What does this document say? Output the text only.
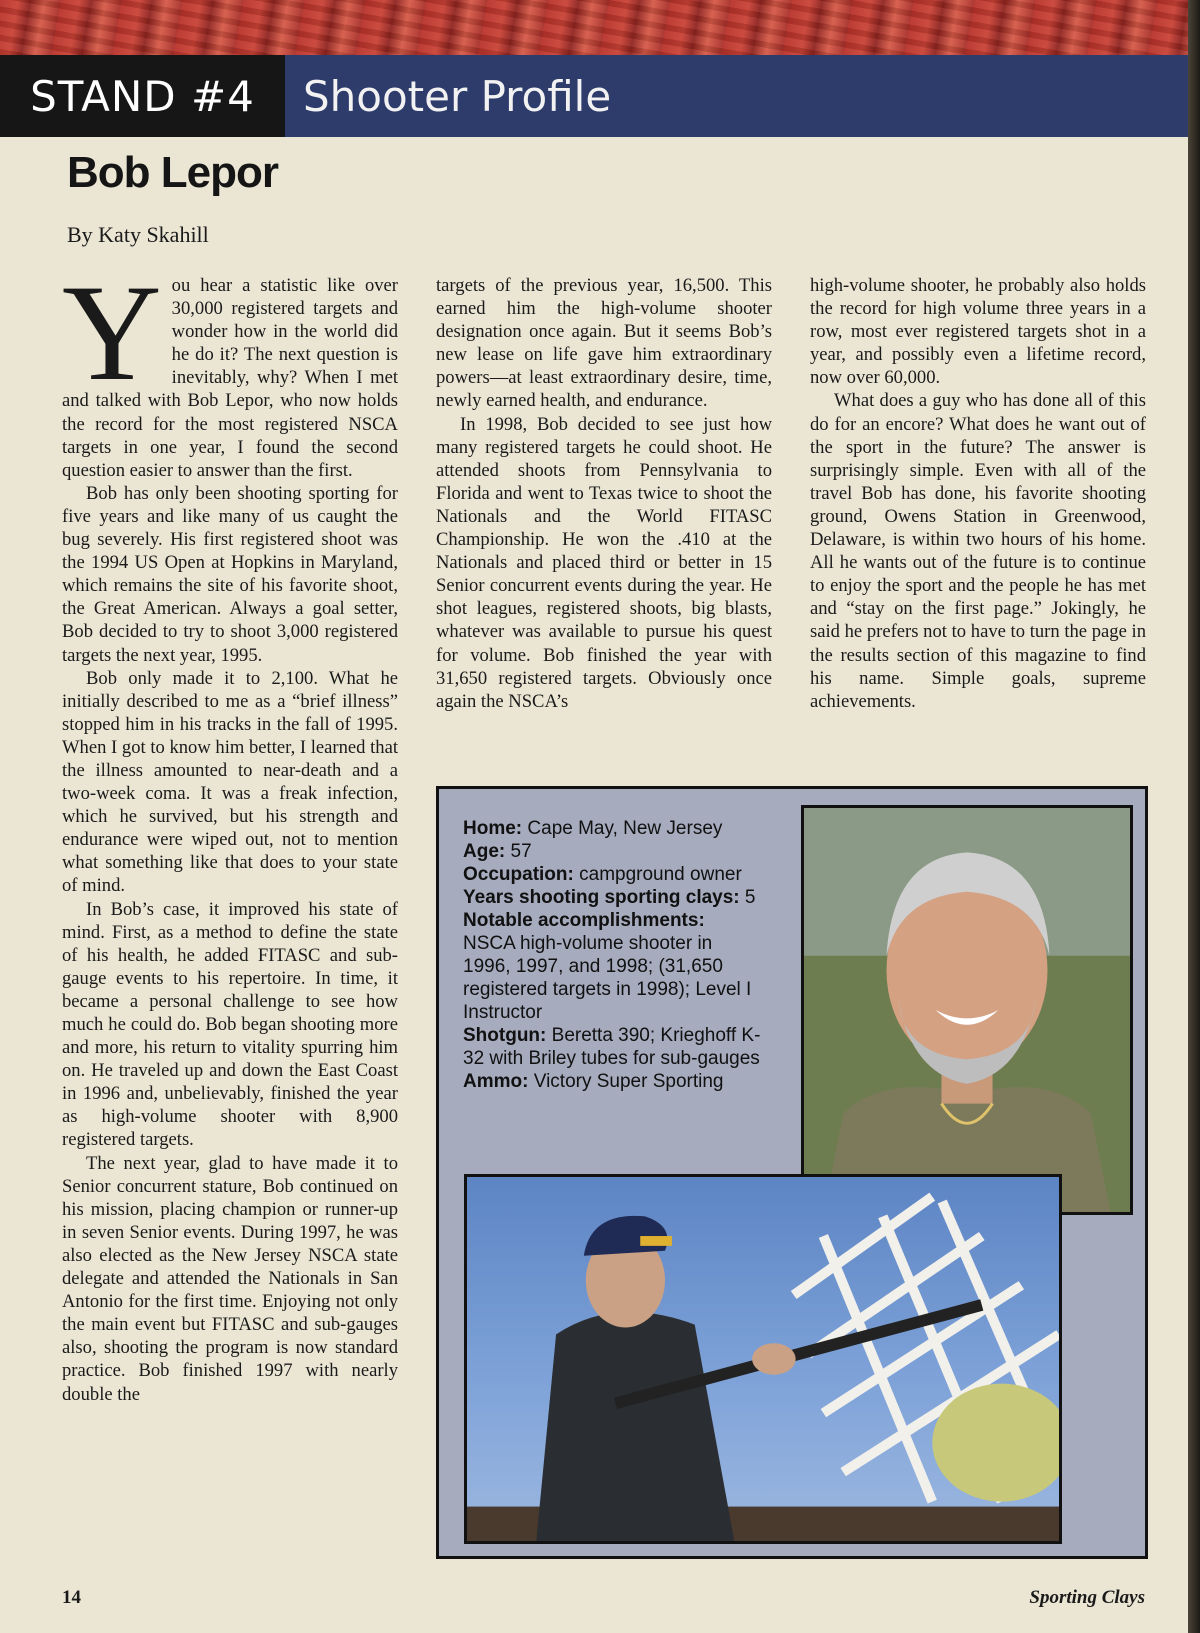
STAND #4	Shooter Profile
Bob Lepor
By Katy Skahill

You hear a statistic like over 30,000 registered targets and wonder how in the world did he do it? The next question is inevitably, why? When I met and talked with Bob Lepor, who now holds the record for the most registered NSCA targets in one year, I found the second question easier to answer than the first.

Bob has only been shooting sporting for five years and like many of us caught the bug severely. His first registered shoot was the 1994 US Open at Hopkins in Maryland, which remains the site of his favorite shoot, the Great American. Always a goal setter, Bob decided to try to shoot 3,000 registered targets the next year, 1995.

Bob only made it to 2,100. What he initially described to me as a “brief illness” stopped him in his tracks in the fall of 1995. When I got to know him better, I learned that the illness amounted to near-death and a two-week coma. It was a freak infection, which he survived, but his strength and endurance were wiped out, not to mention what something like that does to your state of mind.

In Bob’s case, it improved his state of mind. First, as a method to define the state of his health, he added FITASC and sub-gauge events to his repertoire. In time, it became a personal challenge to see how much he could do. Bob began shooting more and more, his return to vitality spurring him on. He traveled up and down the East Coast in 1996 and, unbelievably, finished the year as high-volume shooter with 8,900 registered targets.

The next year, glad to have made it to Senior concurrent stature, Bob continued on his mission, placing champion or runner-up in seven Senior events. During 1997, he was also elected as the New Jersey NSCA state delegate and attended the Nationals in San Antonio for the first time. Enjoying not only the main event but FITASC and sub-gauges also, shooting the program is now standard practice. Bob finished 1997 with nearly double the

targets of the previous year, 16,500. This earned him the high-volume shooter designation once again. But it seems Bob’s new lease on life gave him extraordinary powers—at least extraordinary desire, time, newly earned health, and endurance.

In 1998, Bob decided to see just how many registered targets he could shoot. He attended shoots from Pennsylvania to Florida and went to Texas twice to shoot the Nationals and the World FITASC Championship. He won the .410 at the Nationals and placed third or better in 15 Senior concurrent events during the year. He shot leagues, registered shoots, big blasts, whatever was available to pursue his quest for volume. Bob finished the year with 31,650 registered targets. Obviously once again the NSCA’s

high-volume shooter, he probably also holds the record for high volume three years in a row, most ever registered targets shot in a year, and possibly even a lifetime record, now over 60,000.

What does a guy who has done all of this do for an encore? What does he want out of the sport in the future? The answer is surprisingly simple. Even with all of the travel Bob has done, his favorite shooting ground, Owens Station in Greenwood, Delaware, is within two hours of his home. All he wants out of the future is to continue to enjoy the sport and the people he has met and “stay on the first page.” Jokingly, he said he prefers not to have to turn the page in the results section of this magazine to find his name. Simple goals, supreme achievements.

Home: Cape May, New Jersey

Age: 57

Occupation: campground owner

Years shooting sporting clays: 5

Notable accomplishments:
NSCA high-volume shooter in 1996, 1997, and 1998; (31,650 registered targets in 1998); Level I Instructor

Shotgun: Beretta 390; Krieghoff K-32 with Briley tubes for sub-gauges

Ammo: Victory Super Sporting

14	Sporting Clays
